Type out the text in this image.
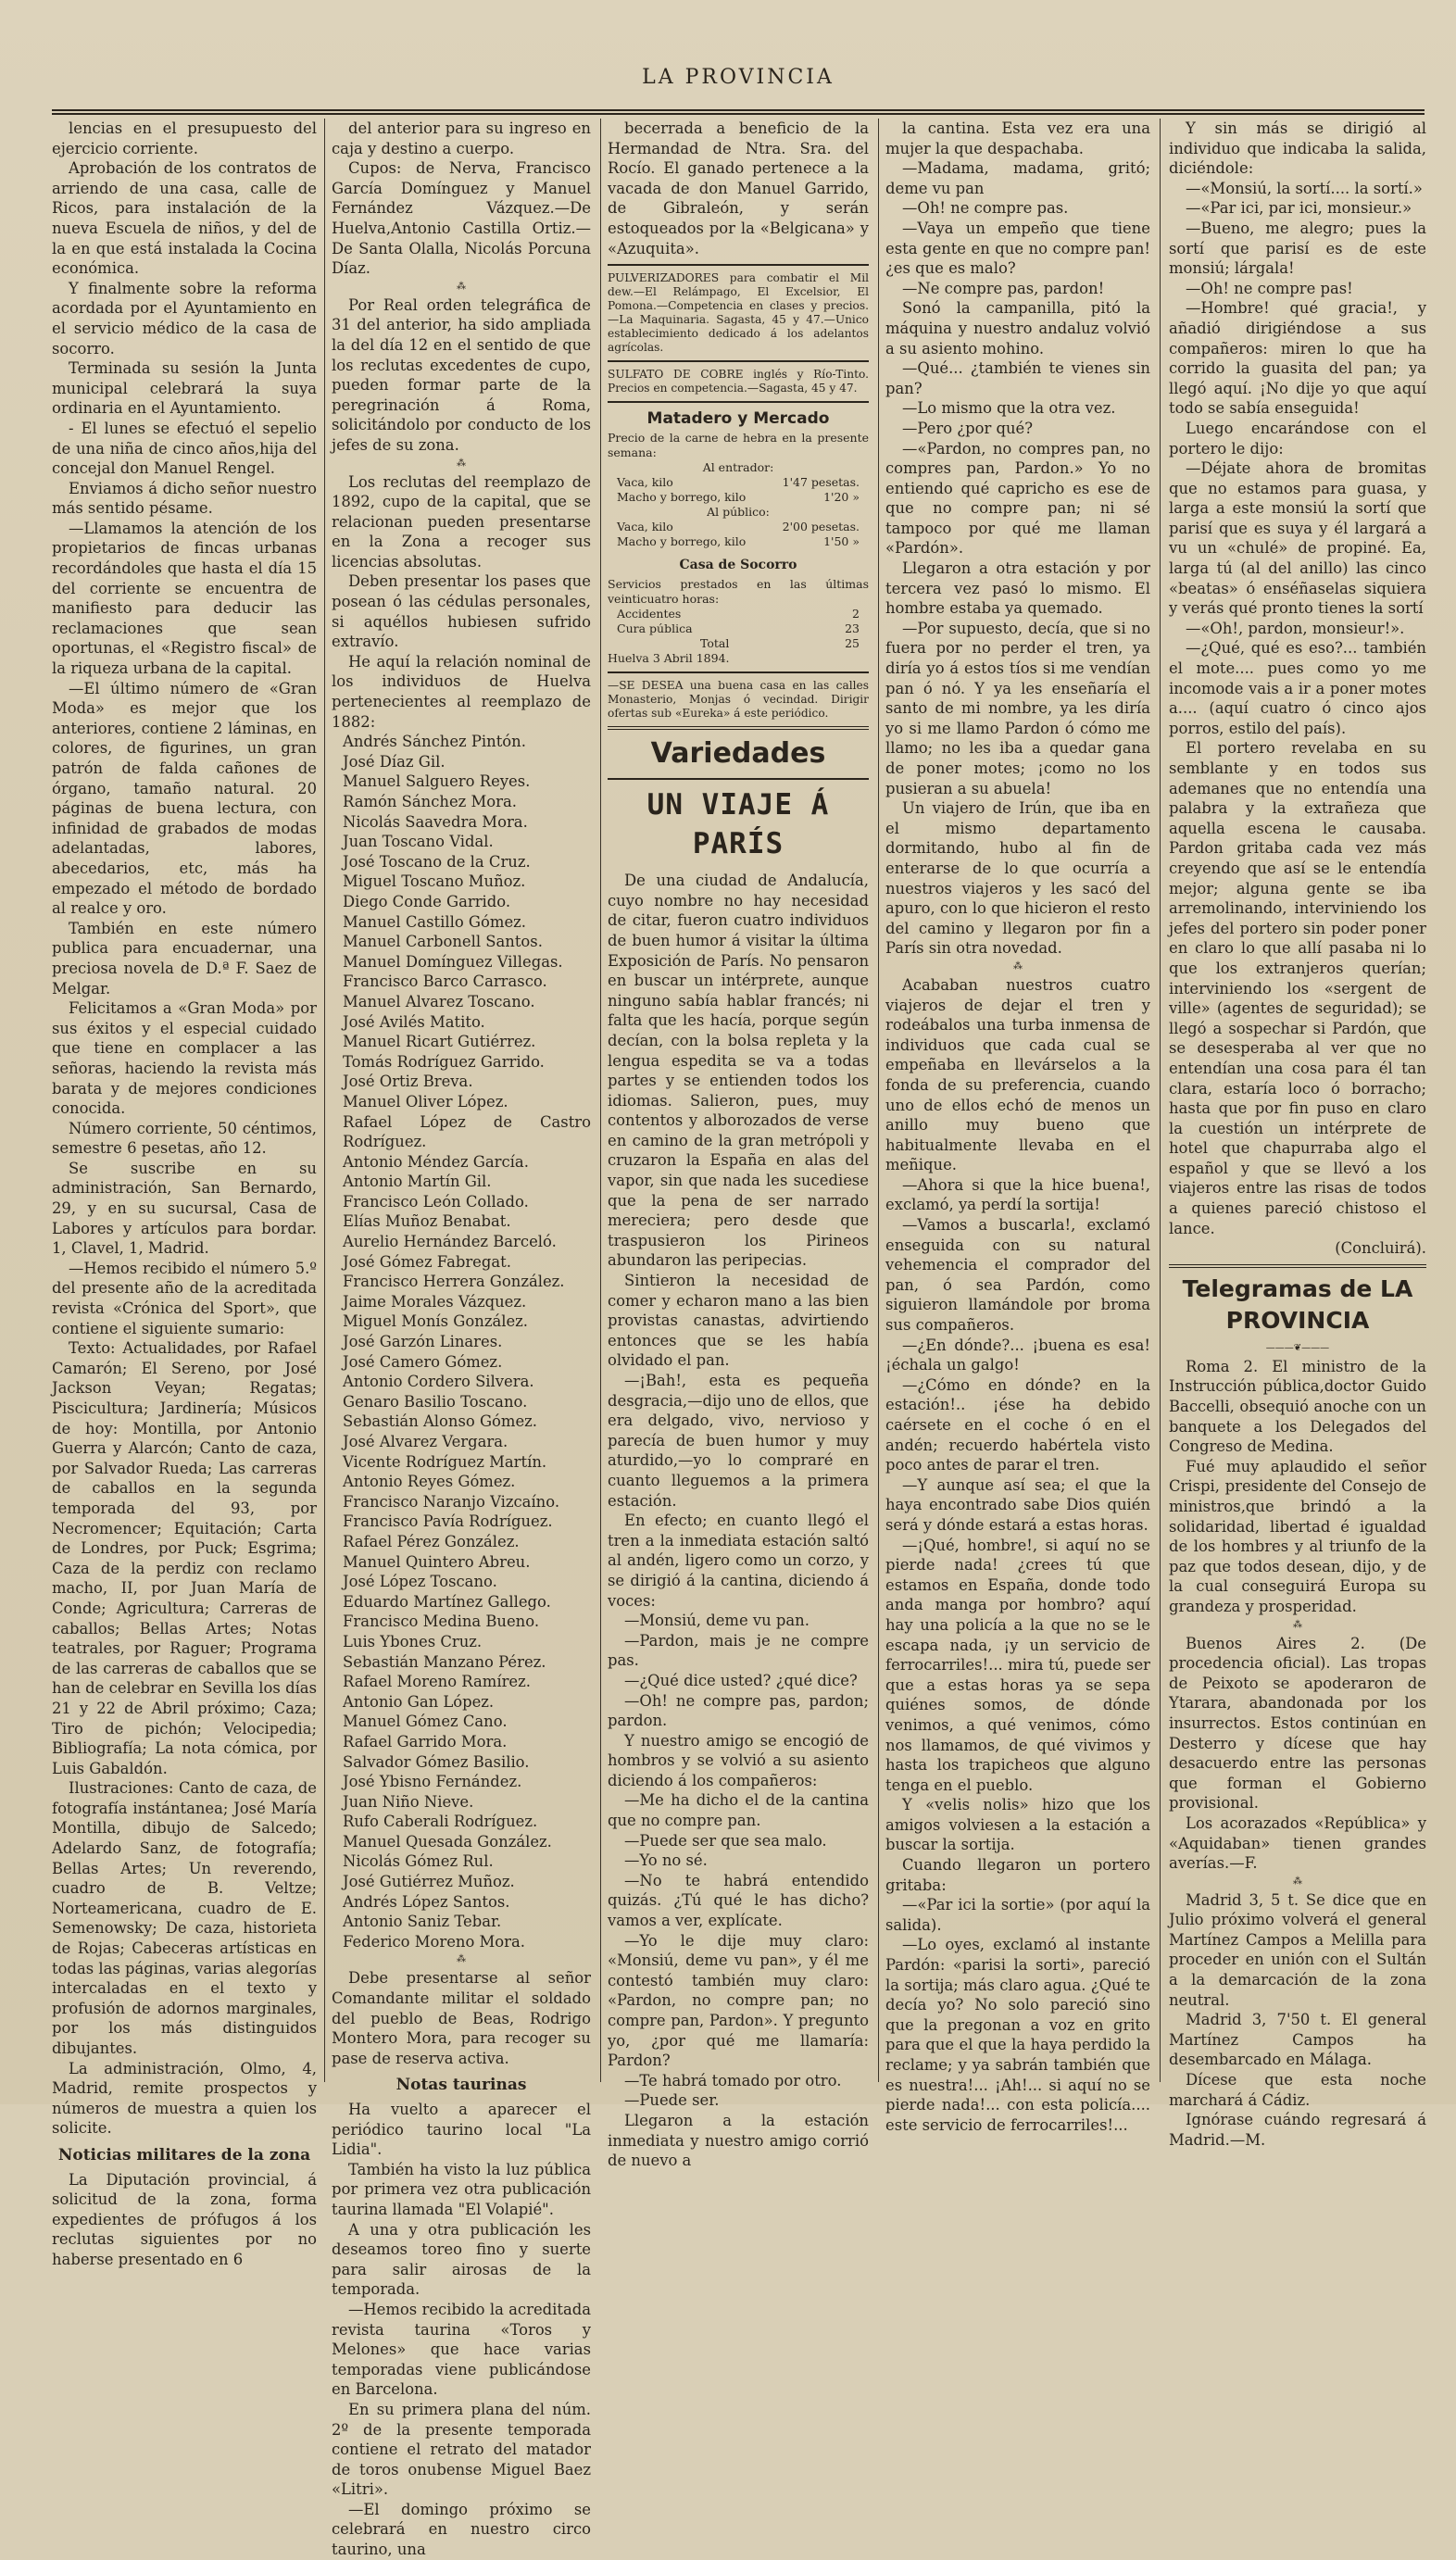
LA PROVINCIA

lencias en el presupuesto del ejercicio corriente.

Aprobación de los contratos de arriendo de una casa, calle de Ricos, para instalación de la nueva Escuela de niños, y del de la en que está instalada la Cocina económica.

Y finalmente sobre la reforma acordada por el Ayuntamiento en el servicio médico de la casa de socorro.

Terminada su sesión la Junta municipal celebrará la suya ordinaria en el Ayuntamiento.

- El lunes se efectuó el sepelio de una niña de cinco años,hija del concejal don Manuel Rengel.

Enviamos á dicho señor nuestro más sentido pésame.

—Llamamos la atención de los propietarios de fincas urbanas recordándoles que hasta el día 15 del corriente se encuentra de manifiesto para deducir las reclamaciones que sean oportunas, el «Registro fiscal» de la riqueza urbana de la capital.

—El último número de «Gran Moda» es mejor que los anteriores, contiene 2 láminas, en colores, de figurines, un gran patrón de falda cañones de órgano, tamaño natural. 20 páginas de buena lectura, con infinidad de grabados de modas adelantadas, labores, abecedarios, etc, más ha empezado el método de bordado al realce y oro.

También en este número publica para encuadernar, una preciosa novela de D.ª F. Saez de Melgar.

Felicitamos a «Gran Moda» por sus éxitos y el especial cuidado que tiene en complacer a las señoras, haciendo la revista más barata y de mejores condiciones conocida.

Número corriente, 50 céntimos, semestre 6 pesetas, año 12.

Se suscribe en su administración, San Bernardo, 29, y en su sucursal, Casa de Labores y artículos para bordar. 1, Clavel, 1, Madrid.

—Hemos recibido el número 5.º del presente año de la acreditada revista «Crónica del Sport», que contiene el siguiente sumario:

Texto: Actualidades, por Rafael Camarón; El Sereno, por José Jackson Veyan; Regatas; Piscicultura; Jardinería; Músicos de hoy: Montilla, por Antonio Guerra y Alarcón; Canto de caza, por Salvador Rueda; Las carreras de caballos en la segunda temporada del 93, por Necromencer; Equitación; Carta de Londres, por Puck; Esgrima; Caza de la perdiz con reclamo macho, II, por Juan María de Conde; Agricultura; Carreras de caballos; Bellas Artes; Notas teatrales, por Raguer; Programa de las carreras de caballos que se han de celebrar en Sevilla los días 21 y 22 de Abril próximo; Caza; Tiro de pichón; Velocipedia; Bibliografía; La nota cómica, por Luis Gabaldón.

Ilustraciones: Canto de caza, de fotografía instántanea; José María Montilla, dibujo de Salcedo; Adelardo Sanz, de fotografía; Bellas Artes; Un reverendo, cuadro de B. Veltze; Norteamericana, cuadro de E. Semenowsky; De caza, historieta de Rojas; Cabeceras artísticas en todas las páginas, varias alegorías intercaladas en el texto y profusión de adornos marginales, por los más distinguidos dibujantes.

La administración, Olmo, 4, Madrid, remite prospectos y números de muestra a quien los solicite.

Noticias militares de la zona

La Diputación provincial, á solicitud de la zona, forma expedientes de prófugos á los reclutas siguientes por no haberse presentado en 6

del anterior para su ingreso en caja y destino a cuerpo.

Cupos: de Nerva, Francisco García Domínguez y Manuel Fernández Vázquez.—De Huelva,Antonio Castilla Ortiz.—De Santa Olalla, Nicolás Porcuna Díaz.

⁂

Por Real orden telegráfica de 31 del anterior, ha sido ampliada la del día 12 en el sentido de que los reclutas excedentes de cupo, pueden formar parte de la peregrinación á Roma, solicitándolo por conducto de los jefes de su zona.

⁂

Los reclutas del reemplazo de 1892, cupo de la capital, que se relacionan pueden presentarse en la Zona a recoger sus licencias absolutas.

Deben presentar los pases que posean ó las cédulas personales, si aquéllos hubiesen sufrido extravío.

He aquí la relación nominal de los individuos de Huelva pertenecientes al reemplazo de 1882:

Andrés Sánchez Pintón.
José Díaz Gil.
Manuel Salguero Reyes.
Ramón Sánchez Mora.
Nicolás Saavedra Mora.
Juan Toscano Vidal.
José Toscano de la Cruz.
Miguel Toscano Muñoz.
Diego Conde Garrido.
Manuel Castillo Gómez.
Manuel Carbonell Santos.
Manuel Domínguez Villegas.
Francisco Barco Carrasco.
Manuel Alvarez Toscano.
José Avilés Matito.
Manuel Ricart Gutiérrez.
Tomás Rodríguez Garrido.
José Ortiz Breva.
Manuel Oliver López.
Rafael López de Castro Rodríguez.
Antonio Méndez García.
Antonio Martín Gil.
Francisco León Collado.
Elías Muñoz Benabat.
Aurelio Hernández Barceló.
José Gómez Fabregat.
Francisco Herrera González.
Jaime Morales Vázquez.
Miguel Monís González.
José Garzón Linares.
José Camero Gómez.
Antonio Cordero Silvera.
Genaro Basilio Toscano.
Sebastián Alonso Gómez.
José Alvarez Vergara.
Vicente Rodríguez Martín.
Antonio Reyes Gómez.
Francisco Naranjo Vizcaíno.
Francisco Pavía Rodríguez.
Rafael Pérez González.
Manuel Quintero Abreu.
José López Toscano.
Eduardo Martínez Gallego.
Francisco Medina Bueno.
Luis Ybones Cruz.
Sebastián Manzano Pérez.
Rafael Moreno Ramírez.
Antonio Gan López.
Manuel Gómez Cano.
Rafael Garrido Mora.
Salvador Gómez Basilio.
José Ybisno Fernández.
Juan Niño Nieve.
Rufo Caberali Rodríguez.
Manuel Quesada González.
Nicolás Gómez Rul.
José Gutiérrez Muñoz.
Andrés López Santos.
Antonio Saniz Tebar.
Federico Moreno Mora.
⁂

Debe presentarse al señor Comandante militar el soldado del pueblo de Beas, Rodrigo Montero Mora, para recoger su pase de reserva activa.

Notas taurinas

Ha vuelto a aparecer el periódico taurino local "La Lidia".

También ha visto la luz pública por primera vez otra publicación taurina llamada "El Volapié".

A una y otra publicación les deseamos toreo fino y suerte para salir airosas de la temporada.

—Hemos recibido la acreditada revista taurina «Toros y Melones» que hace varias temporadas viene publicándose en Barcelona.

En su primera plana del núm. 2º de la presente temporada contiene el retrato del matador de toros onubense Miguel Baez «Litri».

—El domingo próximo se celebrará en nuestro circo taurino, una

becerrada a beneficio de la Hermandad de Ntra. Sra. del Rocío. El ganado pertenece a la vacada de don Manuel Garrido, de Gibraleón, y serán estoqueados por la «Belgicana» y «Azuquita».

PULVERIZADORES para combatir el Mil dew.—El Relámpago, El Excelsior, El Pomona.—Competencia en clases y precios.—La Maquinaria. Sagasta, 45 y 47.—Unico establecimiento dedicado á los adelantos agrícolas.
SULFATO DE COBRE inglés y Río-Tinto. Precios en competencia.—Sagasta, 45 y 47.
Matadero y Mercado
Precio de la carne de hebra en la presente semana:
Al entrador:
Vaca, kilo	1'47 pesetas.
Macho y borrego, kilo	1'20 »
Al público:
Vaca, kilo	2'00 pesetas.
Macho y borrego, kilo	1'50 »
Casa de Socorro
Servicios prestados en las últimas veinticuatro horas:
Accidentes	2
Cura pública	23
Total	25
Huelva 3 Abril 1894.
—SE DESEA una buena casa en las calles Monasterio, Monjas ó vecindad. Dirigir ofertas sub «Eureka» á este periódico.
Variedades
UN VIAJE Á PARÍS

De una ciudad de Andalucía, cuyo nombre no hay necesidad de citar, fueron cuatro individuos de buen humor á visitar la última Exposición de París. No pensaron en buscar un intérprete, aunque ninguno sabía hablar francés; ni falta que les hacía, porque según decían, con la bolsa repleta y la lengua espedita se va a todas partes y se entienden todos los idiomas. Salieron, pues, muy contentos y alborozados de verse en camino de la gran metrópoli y cruzaron la España en alas del vapor, sin que nada les sucediese que la pena de ser narrado mereciera; pero desde que traspusieron los Pirineos abundaron las peripecias.

Sintieron la necesidad de comer y echaron mano a las bien provistas canastas, advirtiendo entonces que se les había olvidado el pan.

—¡Bah!, esta es pequeña desgracia,—dijo uno de ellos, que era delgado, vivo, nervioso y parecía de buen humor y muy aturdido,—yo lo compraré en cuanto lleguemos a la primera estación.

En efecto; en cuanto llegó el tren a la inmediata estación saltó al andén, ligero como un corzo, y se dirigió á la cantina, diciendo á voces:

—Monsiú, deme vu pan.

—Pardon, mais je ne compre pas.

—¿Qué dice usted? ¿qué dice?

—Oh! ne compre pas, pardon; pardon.

Y nuestro amigo se encogió de hombros y se volvió a su asiento diciendo á los compañeros:

—Me ha dicho el de la cantina que no compre pan.

—Puede ser que sea malo.

—Yo no sé.

—No te habrá entendido quizás. ¿Tú qué le has dicho? vamos a ver, explícate.

—Yo le dije muy claro: «Monsiú, deme vu pan», y él me contestó también muy claro: «Pardon, no compre pan; no compre pan, Pardon». Y pregunto yo, ¿por qué me llamaría: Pardon?

—Te habrá tomado por otro.

—Puede ser.

Llegaron a la estación inmediata y nuestro amigo corrió de nuevo a

la cantina. Esta vez era una mujer la que despachaba.

—Madama, madama, gritó; deme vu pan

—Oh! ne compre pas.

—Vaya un empeño que tiene esta gente en que no compre pan! ¿es que es malo?

—Ne compre pas, pardon!

Sonó la campanilla, pitó la máquina y nuestro andaluz volvió a su asiento mohino.

—Qué... ¿también te vienes sin pan?

—Lo mismo que la otra vez.

—Pero ¿por qué?

—«Pardon, no compres pan, no compres pan, Pardon.» Yo no entiendo qué capricho es ese de que no compre pan; ni sé tampoco por qué me llaman «Pardón».

Llegaron a otra estación y por tercera vez pasó lo mismo. El hombre estaba ya quemado.

—Por supuesto, decía, que si no fuera por no perder el tren, ya diría yo á estos tíos si me vendían pan ó nó. Y ya les enseñaría el santo de mi nombre, ya les diría yo si me llamo Pardon ó cómo me llamo; no les iba a quedar gana de poner motes; ¡como no los pusieran a su abuela!

Un viajero de Irún, que iba en el mismo departamento dormitando, hubo al fin de enterarse de lo que ocurría a nuestros viajeros y les sacó del apuro, con lo que hicieron el resto del camino y llegaron por fin a París sin otra novedad.

⁂

Acababan nuestros cuatro viajeros de dejar el tren y rodeábalos una turba inmensa de individuos que cada cual se empeñaba en llevárselos a la fonda de su preferencia, cuando uno de ellos echó de menos un anillo muy bueno que habitualmente llevaba en el meñique.

—Ahora si que la hice buena!, exclamó, ya perdí la sortija!

—Vamos a buscarla!, exclamó enseguida con su natural vehemencia el comprador del pan, ó sea Pardón, como siguieron llamándole por broma sus compañeros.

—¿En dónde?... ¡buena es esa! ¡échala un galgo!

—¿Cómo en dónde? en la estación!.. ¡ése ha debido caérsete en el coche ó en el andén; recuerdo habértela visto poco antes de parar el tren.

—Y aunque así sea; el que la haya encontrado sabe Dios quién será y dónde estará a estas horas.

—¡Qué, hombre!, si aquí no se pierde nada! ¿crees tú que estamos en España, donde todo anda manga por hombro? aquí hay una policía a la que no se le escapa nada, ¡y un servicio de ferrocarriles!... mira tú, puede ser que a estas horas ya se sepa quiénes somos, de dónde venimos, a qué venimos, cómo nos llamamos, de qué vivimos y hasta los trapicheos que alguno tenga en el pueblo.

Y «velis nolis» hizo que los amigos volviesen a la estación a buscar la sortija.

Cuando llegaron un portero gritaba:

—«Par ici la sortie» (por aquí la salida).

—Lo oyes, exclamó al instante Pardón: «parisi la sorti», pareció la sortija; más claro agua. ¿Qué te decía yo? No solo pareció sino que la pregonan a voz en grito para que el que la haya perdido la reclame; y ya sabrán también que es nuestra!... ¡Ah!... si aquí no se pierde nada!... con esta policía.... este servicio de ferrocarriles!...

Y sin más se dirigió al individuo que indicaba la salida, diciéndole:

—«Monsiú, la sortí.... la sortí.»

—«Par ici, par ici, monsieur.»

—Bueno, me alegro; pues la sortí que parisí es de este monsiú; lárgala!

—Oh! ne compre pas!

—Hombre! qué gracia!, y añadió dirigiéndose a sus compañeros: miren lo que ha corrido la guasita del pan; ya llegó aquí. ¡No dije yo que aquí todo se sabía enseguida!

Luego encarándose con el portero le dijo:

—Déjate ahora de bromitas que no estamos para guasa, y larga a este monsiú la sortí que parisí que es suya y él largará a vu un «chulé» de propiné. Ea, larga tú (al del anillo) las cinco «beatas» ó enséñaselas siquiera y verás qué pronto tienes la sortí

—«Oh!, pardon, monsieur!».

—¿Qué, qué es eso?... también el mote.... pues como yo me incomode vais a ir a poner motes a.... (aquí cuatro ó cinco ajos porros, estilo del país).

El portero revelaba en su semblante y en todos sus ademanes que no entendía una palabra y la extrañeza que aquella escena le causaba. Pardon gritaba cada vez más creyendo que así se le entendía mejor; alguna gente se iba arremolinando, interviniendo los jefes del portero sin poder poner en claro lo que allí pasaba ni lo que los extranjeros querían; interviniendo los «sergent de ville» (agentes de seguridad); se llegó a sospechar si Pardón, que se desesperaba al ver que no entendían una cosa para él tan clara, estaría loco ó borracho; hasta que por fin puso en claro la cuestión un intérprete de hotel que chapurraba algo el español y que se llevó a los viajeros entre las risas de todos a quienes pareció chistoso el lance.

(Concluirá).
Telegramas de LA PROVINCIA
———❦———

Roma 2. El ministro de la Instrucción pública,doctor Guido Baccelli, obsequió anoche con un banquete a los Delegados del Congreso de Medina.

Fué muy aplaudido el señor Crispi, presidente del Consejo de ministros,que brindó a la solidaridad, libertad é igualdad de los hombres y al triunfo de la paz que todos desean, dijo, y de la cual conseguirá Europa su grandeza y prosperidad.

⁂

Buenos Aires 2. (De procedencia oficial). Las tropas de Peixoto se apoderaron de Ytarara, abandonada por los insurrectos. Estos continúan en Desterro y dícese que hay desacuerdo entre las personas que forman el Gobierno provisional.

Los acorazados «República» y «Aquidaban» tienen grandes averías.—F.

⁂

Madrid 3, 5 t. Se dice que en Julio próximo volverá el general Martínez Campos a Melilla para proceder en unión con el Sultán a la demarcación de la zona neutral.

Madrid 3, 7'50 t. El general Martínez Campos ha desembarcado en Málaga.

Dícese que esta noche marchará á Cádiz.

Ignórase cuándo regresará á Madrid.—M.
